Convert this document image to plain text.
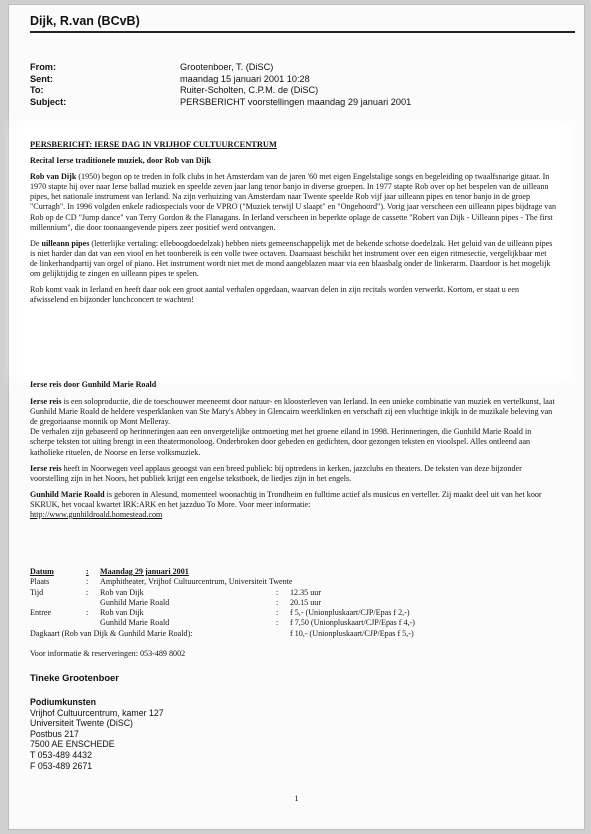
Dijk, R.van (BCvB)
From:	Grootenboer, T. (DiSC)
Sent:	maandag 15 januari 2001 10:28
To:	Ruiter-Scholten, C.P.M. de (DiSC)
Subject:	PERSBERICHT voorstellingen maandag 29 januari 2001

PERSBERICHT: IERSE DAG IN VRIJHOF CULTUURCENTRUM

Recital Ierse traditionele muziek, door Rob van Dijk

Rob van Dijk (1950) begon op te treden in folk clubs in het Amsterdam van de jaren '60 met eigen Engelstalige songs en begeleiding op twaalfsnarige gitaar. In 1970 stapte hij over naar Ierse ballad muziek en speelde zeven jaar lang tenor banjo in diverse groepen. In 1977 stapte Rob over op het bespelen van de uilleann pipes, het nationale instrument van Ierland. Na zijn verhuizing van Amsterdam naar Twente speelde Rob vijf jaar uilleann pipes en tenor banjo in de groep "Curragh". In 1996 volgden enkele radiospecials voor de VPRO ("Muziek terwijl U slaapt" en "Ongehoord"). Vorig jaar verscheen een uilleann pipes bijdrage van Rob op de CD "Jump dance" van Terry Gordon & the Flanagans. In Ierland verscheen in beperkte oplage de cassette "Robert van Dijk - Uilleann pipes - The first millennium", die door toonaangevende pipers zeer positief werd ontvangen.

De uilleann pipes (letterlijke vertaling: elleboogdoedelzak) hebben niets gemeenschappelijk met de bekende schotse doedelzak. Het geluid van de uilleann pipes is niet harder dan dat van een viool en het toonbereik is een volle twee octaven. Daarnaast beschikt het instrument over een eigen ritmesectie, vergelijkbaar met de linkerhandpartij van orgel of piano. Het instrument wordt niet met de mond aangeblazen maar via een blaasbalg onder de linkerarm. Daardoor is het mogelijk om gelijktijdig te zingen en uilleann pipes te spelen.

Rob komt vaak in Ierland en heeft daar ook een groot aantal verhalen opgedaan, waarvan delen in zijn recitals worden verwerkt. Kortom, er staat u een afwisselend en bijzonder lunchconcert te wachten!

Ierse reis door Gunhild Marie Roald

Ierse reis is een soloproductie, die de toeschouwer meeneemt door natuur- en kloosterleven van Ierland. In een unieke combinatie van muziek en vertelkunst, laat Gunhild Marie Roald de heldere vesperklanken van Ste Mary's Abbey in Glencairn weerklinken en verschaft zij een vluchtige inkijk in de muzikale beleving van de gregoriaanse monnik op Mont Melleray.

De verhalen zijn gebaseerd op herinneringen aan een onvergetelijke ontmoeting met het groene eiland in 1998. Herinneringen, die Gunhild Marie Roald in scherpe teksten tot uiting brengt in een theatermonoloog. Onderbroken door gebeden en gedichten, door gezongen teksten en vioolspel. Alles ontleend aan katholieke rituelen, de Noorse en Ierse volksmuziek.

Ierse reis heeft in Noorwegen veel applaus geoogst van een breed publiek: bij optredens in kerken, jazzclubs en theaters. De teksten van deze bijzonder voorstelling zijn in het Noors, het publiek krijgt een engelse tekstboek, de liedjes zijn in het engels.

Gunhild Marie Roald is geboren in Alesund, momenteel woonachtig in Trondheim en fulltime actief als musicus en verteller. Zij maakt deel uit van het koor SKRUK, het vocaal kwartet IRK:ARK en het jazzduo To More. Voor meer informatie:
http://www.gunhildroald.homestead.com

Datum	:	Maandag 29 januari 2001		
Plaats	:	Amphitheater, Vrijhof Cultuurcentrum, Universiteit Twente		
Tijd	:	Rob van Dijk	:	12.35 uur
		Gunhild Marie Roald	:	20.15 uur
Entree	:	Rob van Dijk	:	f 5,- (Unionpluskaart/CJP/Epas f 2,-)
		Gunhild Marie Roald	:	f 7,50 (Unionpluskaart/CJP/Epas f 4,-)
Dagkaart (Rob van Dijk & Gunhild Marie Roald):				f 10,- (Unionpluskaart/CJP/Epas f 5,-)
Voor informatie & reserveringen: 053-489 8002
Tineke Grootenboer
Podiumkunsten
Vrijhof Cultuurcentrum, kamer 127
Universiteit Twente (DiSC)
Postbus 217
7500 AE ENSCHEDE
T 053-489 4432
F 053-489 2671
1
